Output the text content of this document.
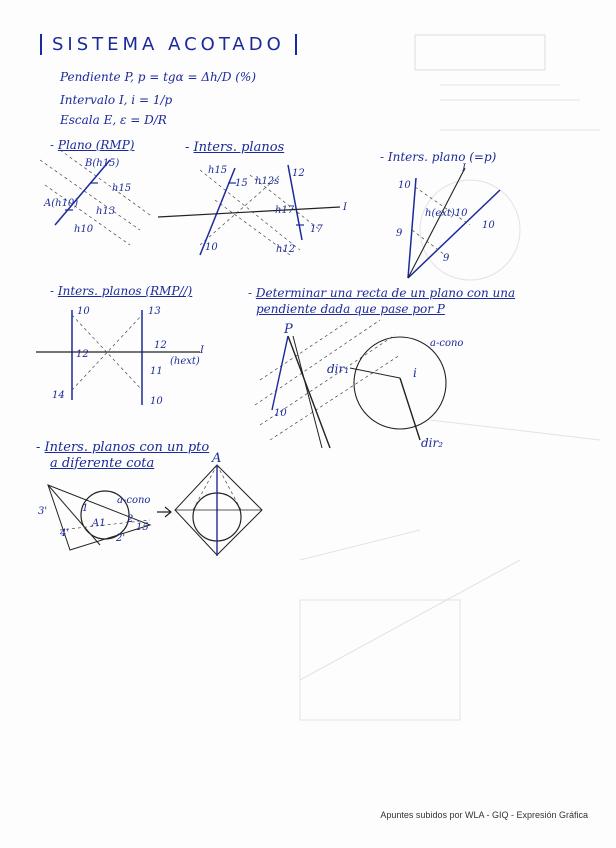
SISTEMA ACOTADO
Pendiente P, p = tgα = Δh/D (%)
Intervalo I, i = 1/p
Escala E, ε = D/R
- Plano (RMP)	- Inters. planos
- Inters. plano (=p)
- Inters. planos (RMP//)	- Determinar una recta de un plano con una
pendiente dada que pase por P
- Inters. planos con un pto
a diferente cota
B(h15)
A(h10)
h15
h13
h10
h15
15 h12s
12
h17
17
10	h12
I
10
9
10
9
I
h(ext)10
10	13
12
12
11
14
10
I
(hext)
P
dir₁
dir₂
i
a-cono
10
A
A1
a-cono
4'	2'
3'	1
2
15
Apuntes subidos por WLA - GIQ - Expresión Gráfica
